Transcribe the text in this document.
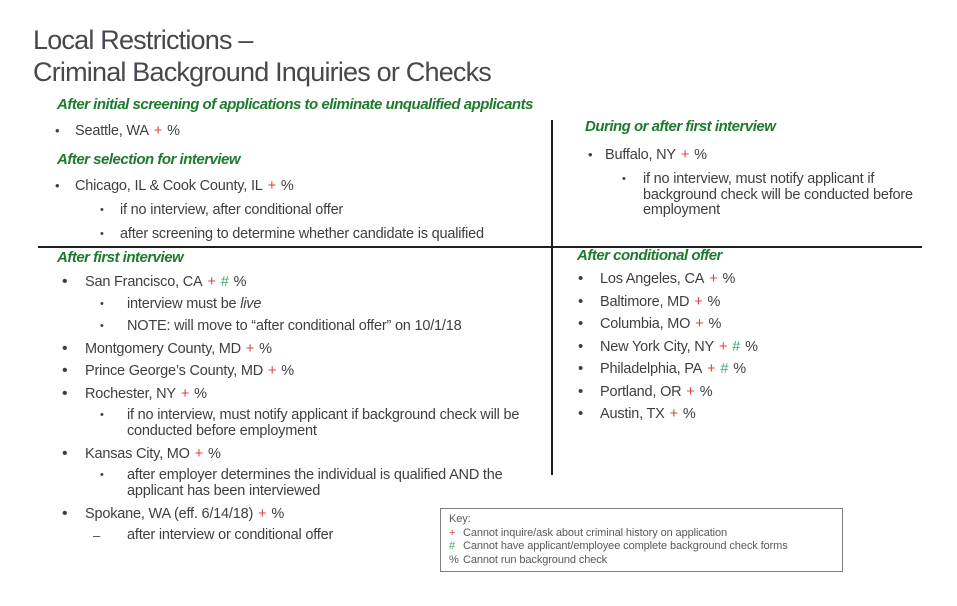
Local Restrictions –
Criminal Background Inquiries or Checks
After initial screening of applications to eliminate unqualified applicants
•	Seattle, WA + %
After selection for interview
•	Chicago, IL & Cook County, IL + %
•	if no interview, after conditional offer
•	after screening to determine whether candidate is qualified
During or after first interview
• Buffalo, NY + %
•	if no interview, must notify applicant if background check will be conducted before employment
After first interview
•	San Francisco, CA + # %
•	interview must be live
•	NOTE: will move to “after conditional offer” on 10/1/18
•	Montgomery County, MD + %
•	Prince George’s County, MD + %
•	Rochester, NY + %
•	if no interview, must notify applicant if background check will be conducted before employment
•	Kansas City, MO + %
•	after employer determines the individual is qualified AND the applicant has been interviewed
•	Spokane, WA (eff. 6/14/18) + %
–	after interview or conditional offer
After conditional offer
•	Los Angeles, CA + %
•	Baltimore, MD + %
•	Columbia, MO + %
•	New York City, NY + # %
•	Philadelphia, PA + # %
•	Portland, OR + %
•	Austin, TX + %
Key:
+ Cannot inquire/ask about criminal history on application
# Cannot have applicant/employee complete background check forms
% Cannot run background check
